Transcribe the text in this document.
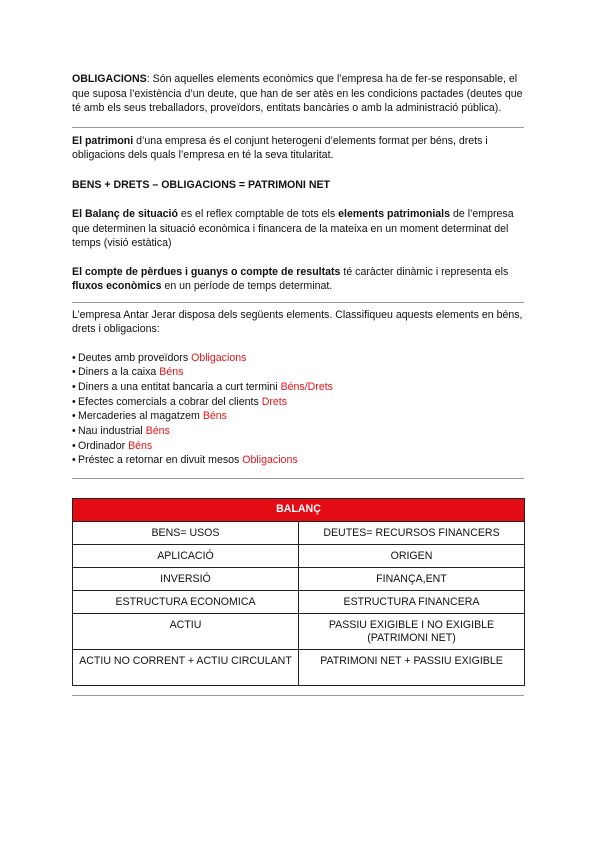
OBLIGACIONS: Són aquelles elements econòmics que l’empresa ha de fer-se responsable, el que suposa l’existència d’un deute, que han de ser atès en les condicions pactades (deutes que té amb els seus treballadors, proveïdors, entitats bancàries o amb la administració pública).

El patrimoni d’una empresa és el conjunt heterogeni d’elements format per béns, drets i obligacions dels quals l’empresa en té la seva titularitat.

BENS + DRETS – OBLIGACIONS = PATRIMONI NET

El Balanç de situació es el reflex comptable de tots els elements patrimonials de l’empresa que determinen la situació econòmica i financera de la mateixa en un moment determinat del temps (visió estàtica)

El compte de pèrdues i guanys o compte de resultats té caràcter dinàmic i representa els fluxos econòmics en un període de temps determinat.

L’empresa Antar Jerar disposa dels següents elements. Classifiqueu aquests elements en béns, drets i obligacions:

• Deutes amb proveïdors Obligacions
• Diners a la caixa Béns
• Diners a una entitat bancaria a curt termini Béns/Drets
• Efectes comercials a cobrar del clients Drets
• Mercaderies al magatzem Béns
• Nau industrial Béns
• Ordinador Béns
• Préstec a retornar en divuit mesos Obligacions
BALANÇ	
BENS= USOS	DEUTES= RECURSOS FINANCERS
APLICACIÓ	ORIGEN
INVERSIÓ	FINANÇA,ENT
ESTRUCTURA ECONOMICA	ESTRUCTURA FINANCERA
ACTIU	PASSIU EXIGIBLE I NO EXIGIBLE (PATRIMONI NET)
ACTIU NO CORRENT + ACTIU CIRCULANT	PATRIMONI NET + PASSIU EXIGIBLE
